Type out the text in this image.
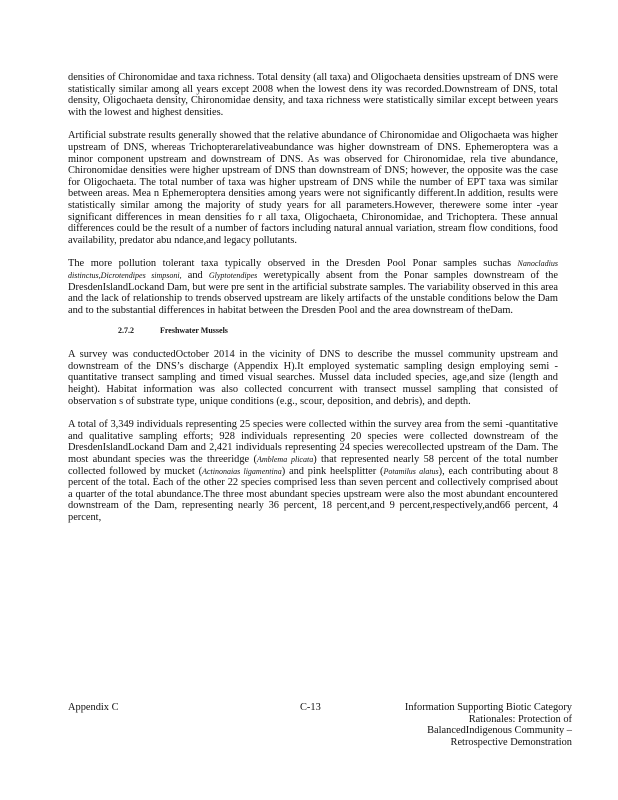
densities of Chironomidae and taxa richness. Total density (all taxa) and Oligochaeta densities upstream of DNS were statistically similar among all years except 2008 when the lowest dens ity was recorded.Downstream of DNS, total density, Oligochaeta density, Chironomidae density, and taxa richness were statistically similar except between years with the lowest and highest densities.

Artificial substrate results generally showed that the relative abundance of Chironomidae and Oligochaeta was higher upstream of DNS, whereas Trichopterarelativeabundance was higher downstream of DNS. Ephemeroptera was a minor component upstream and downstream of DNS. As was observed for Chironomidae, rela tive abundance, Chironomidae densities were higher upstream of DNS than downstream of DNS; however, the opposite was the case for Oligochaeta. The total number of taxa was higher upstream of DNS while the number of EPT taxa was similar between areas. Mea n Ephemeroptera densities among years were not significantly different.In addition, results were statistically similar among the majority of study years for all parameters.However, therewere some inter -year significant differences in mean densities fo r all taxa, Oligochaeta, Chironomidae, and Trichoptera. These annual differences could be the result of a number of factors including natural annual variation, stream flow conditions, food availability, predator abu ndance,and legacy pollutants.

The more pollution tolerant taxa typically observed in the Dresden Pool Ponar samples suchas Nanocladius distinctus,Dicrotendipes simpsoni, and Glyptotendipes weretypically absent from the Ponar samples downstream of the DresdenIslandLockand Dam, but were pre sent in the artificial substrate samples. The variability observed in this area and the lack of relationship to trends observed upstream are likely artifacts of the unstable conditions below the Dam and to the substantial differences in habitat between the Dresden Pool and the area downstream of theDam.

2.7.2	Freshwater Mussels

A survey was conductedOctober 2014 in the vicinity of DNS to describe the mussel community upstream and downstream of the DNS’s discharge (Appendix H).It employed systematic sampling design employing semi -quantitative transect sampling and timed visual searches. Mussel data included species, age,and size (length and height). Habitat information was also collected concurrent with transect mussel sampling that consisted of observation s of substrate type, unique conditions (e.g., scour, deposition, and debris), and depth.

A total of 3,349 individuals representing 25 species were collected within the survey area from the semi -quantitative and qualitative sampling efforts; 928 individuals representing 20 species were collected downstream of the DresdenIslandLockand Dam and 2,421 individuals representing 24 species werecollected upstream of the Dam. The most abundant species was the threeridge (Amblema plicata) that represented nearly 58 percent of the total number collected followed by mucket (Actinonaias ligamentina) and pink heelsplitter (Potamilus alatus), each contributing about 8 percent of the total. Each of the other 22 species comprised less than seven percent and collectively comprised about a quarter of the total abundance.The three most abundant species upstream were also the most abundant encountered downstream of the Dam, representing nearly 36 percent, 18 percent,and 9 percent,respectively,and66 percent, 4 percent,

Appendix C	C-13	Information Supporting Biotic Category Rationales: Protection of BalancedIndigenous Community –Retrospective Demonstration
